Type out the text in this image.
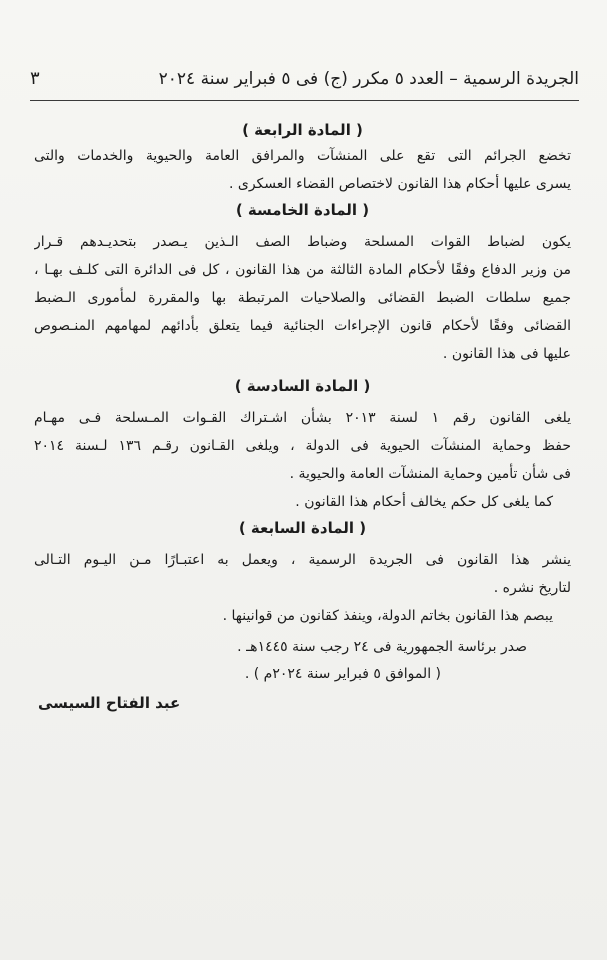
الجريدة الرسمية – العدد ٥ مكرر (ج) فى ٥ فبراير سنة ٢٠٢٤
٣
( المادة الرابعة )
تخضع الجرائم التى تقع على المنشآت والمرافق العامة والحيوية والخدمات والتى
يسرى عليها أحكام هذا القانون لاختصاص القضاء العسكرى .
( المادة الخامسة )
يكون لضباط القوات المسلحة وضباط الصف الـذين يـصدر بتحديـدهم قـرار
من وزير الدفاع وفقًا لأحكام المادة الثالثة من هذا القانون ، كل فى الدائرة التى كلـف بهـا ،
جميع سلطات الضبط القضائى والصلاحيات المرتبطة بها والمقررة لمأمورى الـضبط
القضائى وفقًا لأحكام قانون الإجراءات الجنائية فيما يتعلق بأدائهم لمهامهم المنـصوص
عليها فى هذا القانون .
( المادة السادسة )
يلغى القانون رقم ١ لسنة ٢٠١٣ بشأن اشـتراك القـوات المـسلحة فـى مهـام
حفظ وحماية المنشآت الحيوية فى الدولة ، ويلغى القـانون رقـم ١٣٦ لـسنة ٢٠١٤
فى شأن تأمين وحماية المنشآت العامة والحيوية .
كما يلغى كل حكم يخالف أحكام هذا القانون .
( المادة السابعة )
ينشر هذا القانون فى الجريدة الرسمية ، ويعمل به اعتبـارًا مـن اليـوم التـالى
لتاريخ نشره .
يبصم هذا القانون بخاتم الدولة، وينفذ كقانون من قوانينها .
صدر برئاسة الجمهورية فى ٢٤ رجب سنة ١٤٤٥هـ .
( الموافق ٥ فبراير سنة ٢٠٢٤م ) .
عبد الفتاح السيسى
